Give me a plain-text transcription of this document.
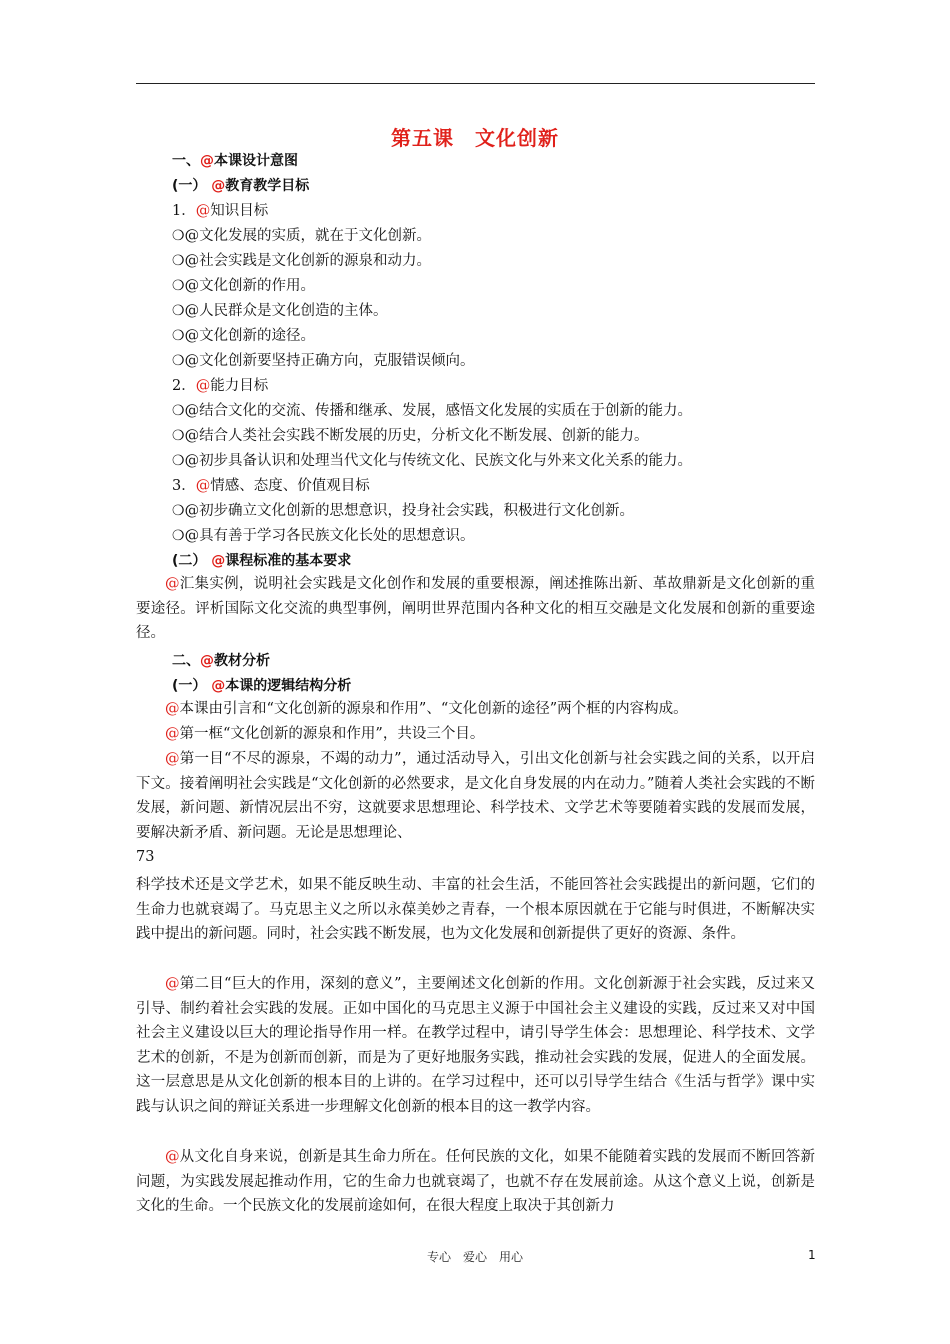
第五课　文化创新
一、@本课设计意图
(一） @教育教学目标
1．@知识目标
❍@文化发展的实质，就在于文化创新。
❍@社会实践是文化创新的源泉和动力。
❍@文化创新的作用。
❍@人民群众是文化创造的主体。
❍@文化创新的途径。
❍@文化创新要坚持正确方向，克服错误倾向。
2．@能力目标
❍@结合文化的交流、传播和继承、发展，感悟文化发展的实质在于创新的能力。
❍@结合人类社会实践不断发展的历史，分析文化不断发展、创新的能力。
❍@初步具备认识和处理当代文化与传统文化、民族文化与外来文化关系的能力。
3．@情感、态度、价值观目标
❍@初步确立文化创新的思想意识，投身社会实践，积极进行文化创新。
❍@具有善于学习各民族文化长处的思想意识。
(二） @课程标准的基本要求

@汇集实例，说明社会实践是文化创作和发展的重要根源，阐述推陈出新、革故鼎新是文化创新的重要途径。评析国际文化交流的典型事例，阐明世界范围内各种文化的相互交融是文化发展和创新的重要途径。

二、@教材分析
(一） @本课的逻辑结构分析

@本课由引言和“文化创新的源泉和作用”、“文化创新的途径”两个框的内容构成。

@第一框“文化创新的源泉和作用”，共设三个目。

@第一目“不尽的源泉，不竭的动力”，通过活动导入，引出文化创新与社会实践之间的关系，以开启下文。接着阐明社会实践是“文化创新的必然要求，是文化自身发展的内在动力。”随着人类社会实践的不断发展，新问题、新情况层出不穷，这就要求思想理论、科学技术、文学艺术等要随着实践的发展而发展，要解决新矛盾、新问题。无论是思想理论、

73

科学技术还是文学艺术，如果不能反映生动、丰富的社会生活，不能回答社会实践提出的新问题，它们的生命力也就衰竭了。马克思主义之所以永葆美妙之青春，一个根本原因就在于它能与时俱进，不断解决实践中提出的新问题。同时，社会实践不断发展，也为文化发展和创新提供了更好的资源、条件。

@第二目“巨大的作用，深刻的意义”，主要阐述文化创新的作用。文化创新源于社会实践，反过来又引导、制约着社会实践的发展。正如中国化的马克思主义源于中国社会主义建设的实践，反过来又对中国社会主义建设以巨大的理论指导作用一样。在教学过程中，请引导学生体会：思想理论、科学技术、文学艺术的创新，不是为创新而创新，而是为了更好地服务实践，推动社会实践的发展，促进人的全面发展。这一层意思是从文化创新的根本目的上讲的。在学习过程中，还可以引导学生结合《生活与哲学》课中实践与认识之间的辩证关系进一步理解文化创新的根本目的这一教学内容。

@从文化自身来说，创新是其生命力所在。任何民族的文化，如果不能随着实践的发展而不断回答新问题，为实践发展起推动作用，它的生命力也就衰竭了，也就不存在发展前途。从这个意义上说，创新是文化的生命。一个民族文化的发展前途如何，在很大程度上取决于其创新力

专心　爱心　用心	1
